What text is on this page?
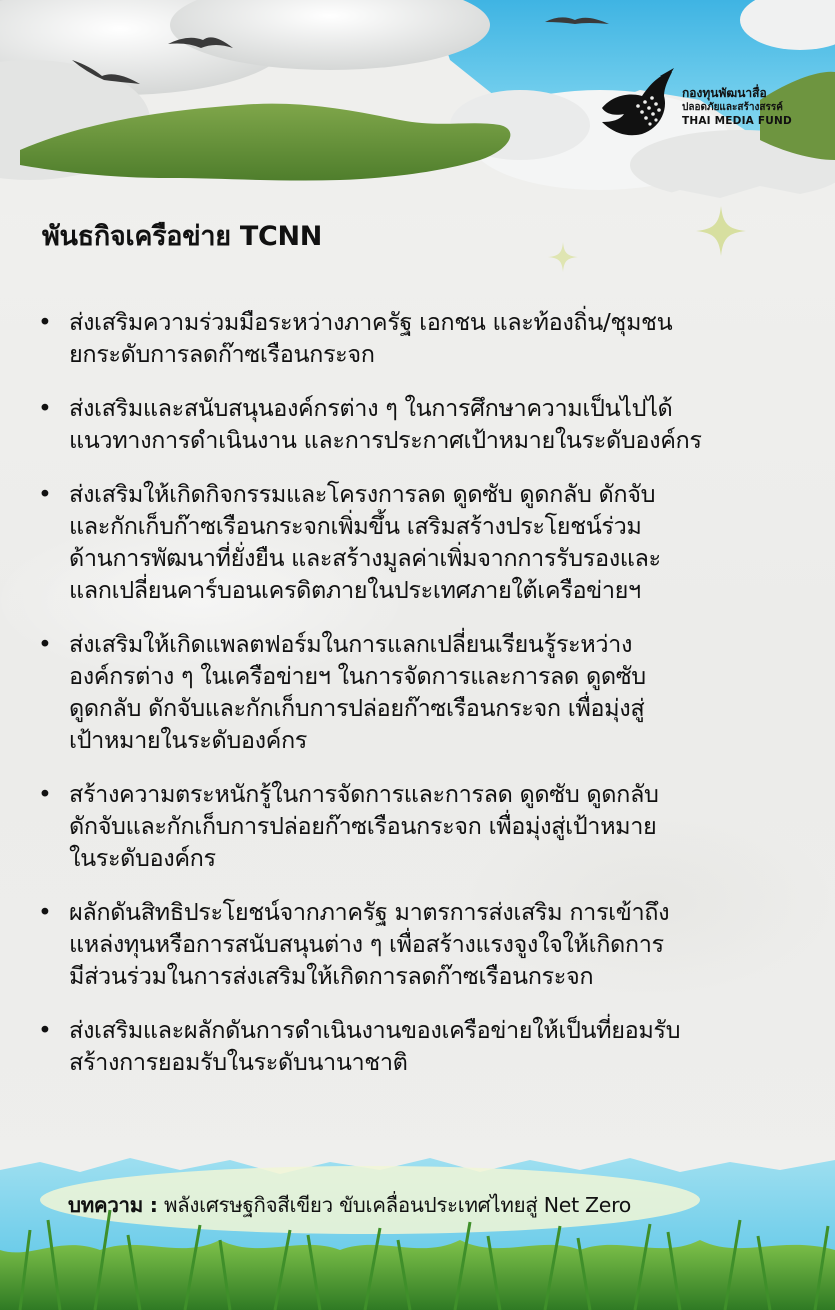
กองทุนพัฒนาสื่อ
ปลอดภัยและสร้างสรรค์
THAI MEDIA FUND
พันธกิจเครือข่าย TCNN
• ส่งเสริมความร่วมมือระหว่างภาครัฐ เอกชน และท้องถิ่น/ชุมชน
ยกระดับการลดก๊าซเรือนกระจก
• ส่งเสริมและสนับสนุนองค์กรต่าง ๆ ในการศึกษาความเป็นไปได้
แนวทางการดำเนินงาน และการประกาศเป้าหมายในระดับองค์กร
• ส่งเสริมให้เกิดกิจกรรมและโครงการลด ดูดซับ ดูดกลับ ดักจับ
และกักเก็บก๊าซเรือนกระจกเพิ่มขึ้น เสริมสร้างประโยชน์ร่วม
ด้านการพัฒนาที่ยั่งยืน และสร้างมูลค่าเพิ่มจากการรับรองและ
แลกเปลี่ยนคาร์บอนเครดิตภายในประเทศภายใต้เครือข่ายฯ
• ส่งเสริมให้เกิดแพลตฟอร์มในการแลกเปลี่ยนเรียนรู้ระหว่าง
องค์กรต่าง ๆ ในเครือข่ายฯ ในการจัดการและการลด ดูดซับ
ดูดกลับ ดักจับและกักเก็บการปล่อยก๊าซเรือนกระจก เพื่อมุ่งสู่
เป้าหมายในระดับองค์กร
• สร้างความตระหนักรู้ในการจัดการและการลด ดูดซับ ดูดกลับ
ดักจับและกักเก็บการปล่อยก๊าซเรือนกระจก เพื่อมุ่งสู่เป้าหมาย
ในระดับองค์กร
• ผลักดันสิทธิประโยชน์จากภาครัฐ มาตรการส่งเสริม การเข้าถึง
แหล่งทุนหรือการสนับสนุนต่าง ๆ เพื่อสร้างแรงจูงใจให้เกิดการ
มีส่วนร่วมในการส่งเสริมให้เกิดการลดก๊าซเรือนกระจก
• ส่งเสริมและผลักดันการดำเนินงานของเครือข่ายให้เป็นที่ยอมรับ
สร้างการยอมรับในระดับนานาชาติ
บทความ : พลังเศรษฐกิจสีเขียว ขับเคลื่อนประเทศไทยสู่ Net Zero
